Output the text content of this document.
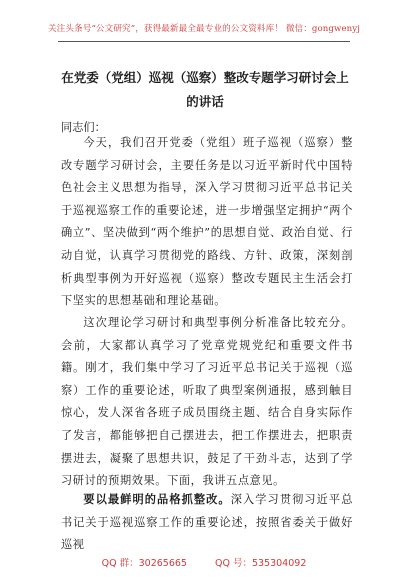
关注头条号“公文研究”，获得最新最全最专业的公文资料库！ 微信：gongwenyj
在党委（党组）巡视（巡察）整改专题学习研讨会上的讲话
同志们：
今天，我们召开党委（党组）班子巡视（巡察）整改专题学习研讨会，主要任务是以习近平新时代中国特色社会主义思想为指导，深入学习贯彻习近平总书记关于巡视巡察工作的重要论述，进一步增强坚定拥护“两个确立”、坚决做到“两个维护”的思想自觉、政治自觉、行动自觉，认真学习贯彻党的路线、方针、政策，深刻剖析典型事例为开好巡视（巡察）整改专题民主生活会打下坚实的思想基础和理论基础。
这次理论学习研讨和典型事例分析准备比较充分。会前，大家都认真学习了党章党规党纪和重要文件书籍。刚才，我们集中学习了习近平总书记关于巡视（巡察）工作的重要论述，听取了典型案例通报，感到触目惊心，发人深省各班子成员围绕主题、结合自身实际作了发言，都能够把自己摆进去，把工作摆进去，把职责摆进去，凝聚了思想共识，鼓足了干劲斗志，达到了学习研讨的预期效果。下面，我讲五点意见。
要以最鲜明的品格抓整改。深入学习贯彻习近平总书记关于巡视巡察工作的重要论述，按照省委关于做好巡视
QQ 群：30265665	QQ 号：535304092
